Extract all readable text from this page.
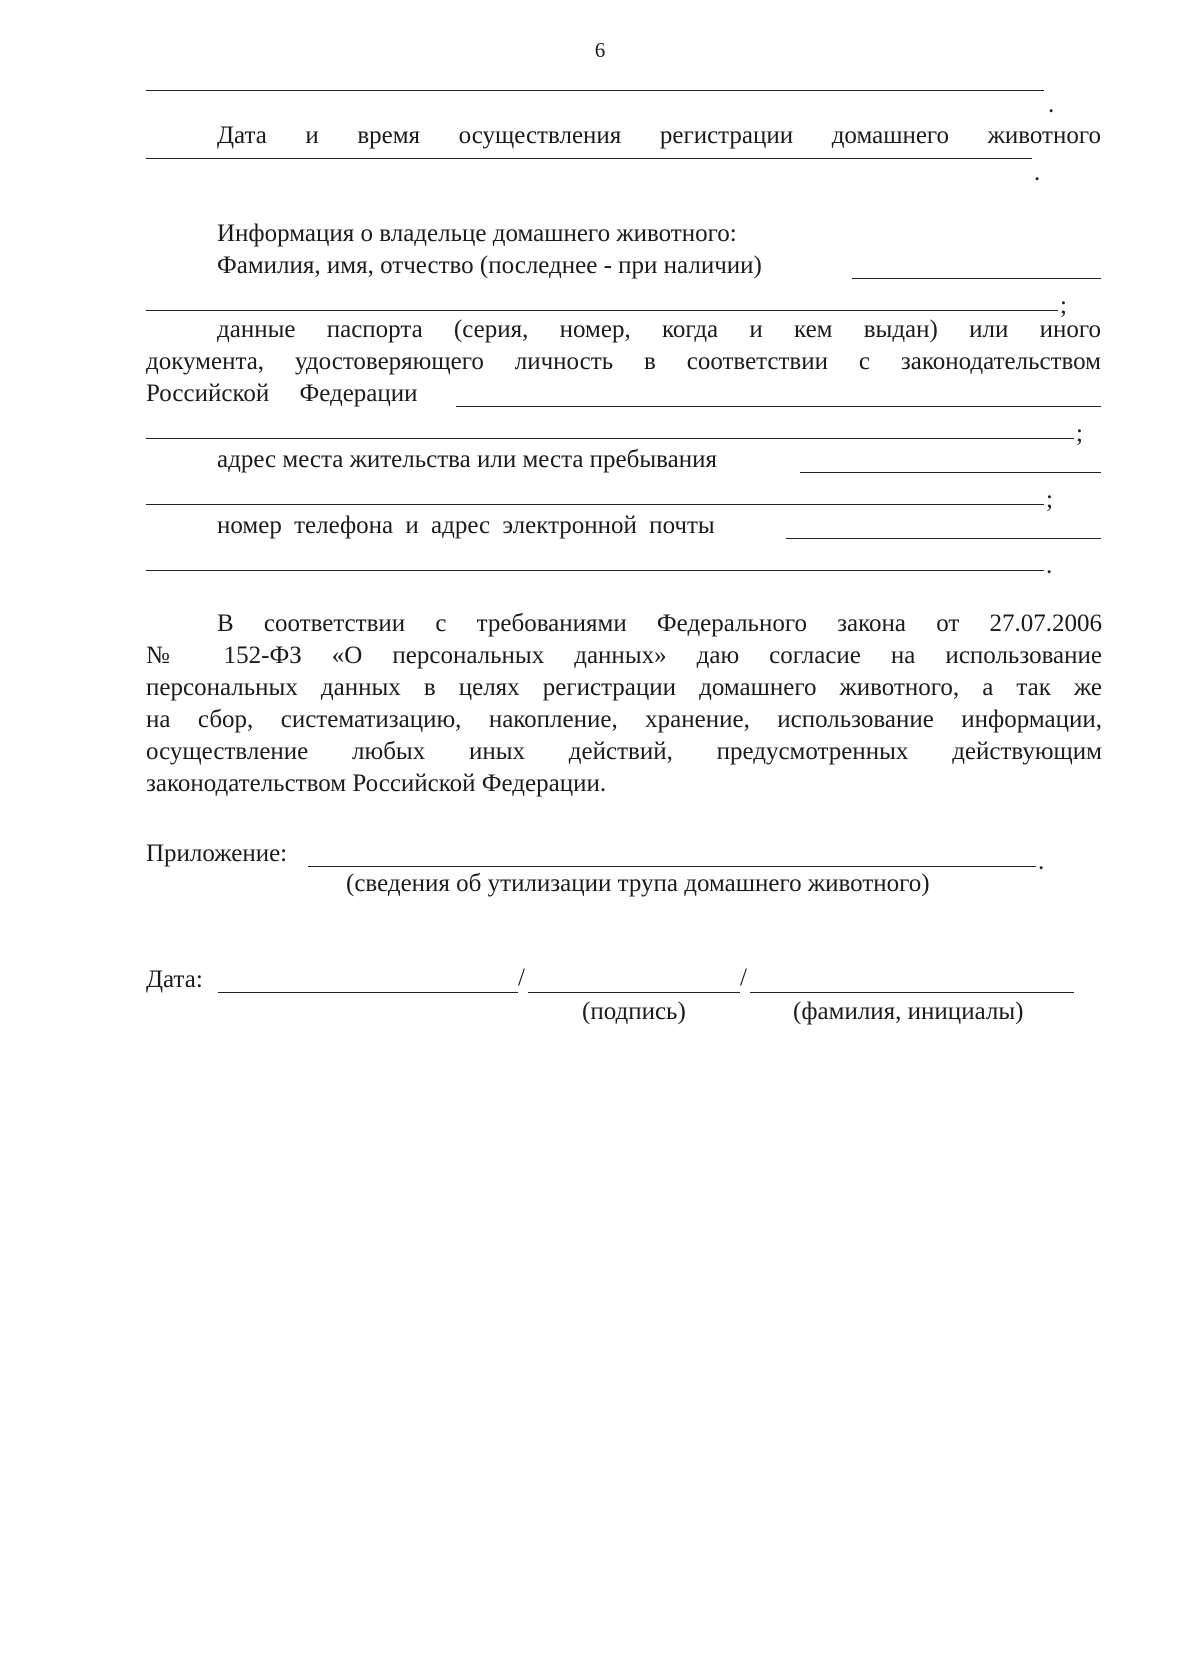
6
.
Дата и время осуществления регистрации домашнего животного
.
Информация о владельце домашнего животного:
Фамилия, имя, отчество (последнее - при наличии)
;
данные паспорта (серия, номер, когда и кем выдан) или иного
документа, удостоверяющего личность в соответствии с законодательством
Российской Федерации
;
адрес места жительства или места пребывания
;
номер телефона и адрес электронной почты
.
В соответствии с требованиями Федерального закона от 27.07.2006
№ 152-ФЗ «О персональных данных» даю согласие на использование
персональных данных в целях регистрации домашнего животного, а так же
на сбор, систематизацию, накопление, хранение, использование информации,
осуществление любых иных действий, предусмотренных действующим
законодательством Российской Федерации.
Приложение:	.
(сведения об утилизации трупа домашнего животного)
Дата:	/	/
(подпись)	(фамилия, инициалы)
